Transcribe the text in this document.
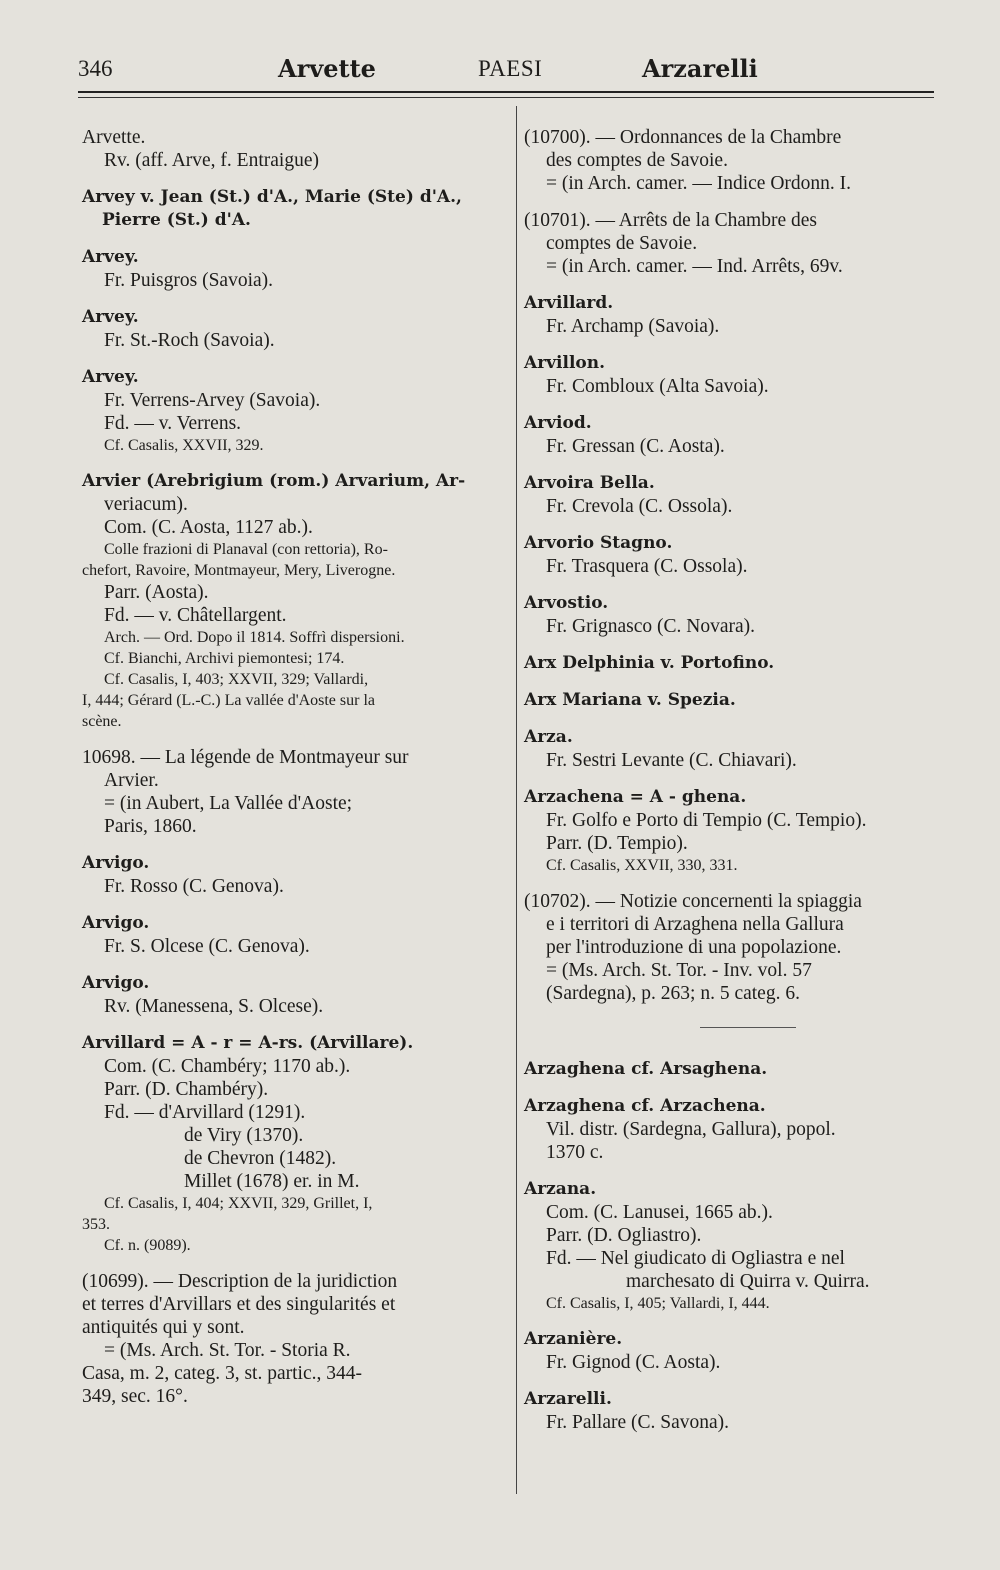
346	Arvette	PAESI	Arzarelli
Arvette.
Rv. (aff. Arve, f. Entraigue)
Arvey v. Jean (St.) d'A., Marie (Ste) d'A.,
Pierre (St.) d'A.
Arvey.
Fr. Puisgros (Savoia).
Arvey.
Fr. St.-Roch (Savoia).
Arvey.
Fr. Verrens-Arvey (Savoia).
Fd. — v. Verrens.
Cf. Casalis, XXVII, 329.
Arvier (Arebrigium (rom.) Arvarium, Ar-
veriacum).
Com. (C. Aosta, 1127 ab.).
Colle frazioni di Planaval (con rettoria), Ro-
chefort, Ravoire, Montmayeur, Mery, Liverogne.
Parr. (Aosta).
Fd. — v. Châtellargent.
Arch. — Ord. Dopo il 1814. Soffrì dispersioni.
Cf. Bianchi, Archivi piemontesi; 174.
Cf. Casalis, I, 403; XXVII, 329; Vallardi,
I, 444; Gérard (L.-C.) La vallée d'Aoste sur la
scène.
10698. — La légende de Montmayeur sur
Arvier.
= (in Aubert, La Vallée d'Aoste;
Paris, 1860.
Arvigo.
Fr. Rosso (C. Genova).
Arvigo.
Fr. S. Olcese (C. Genova).
Arvigo.
Rv. (Manessena, S. Olcese).
Arvillard = A - r = A-rs. (Arvillare).
Com. (C. Chambéry; 1170 ab.).
Parr. (D. Chambéry).
Fd. — d'Arvillard (1291).
de Viry (1370).
de Chevron (1482).
Millet (1678) er. in M.
Cf. Casalis, I, 404; XXVII, 329, Grillet, I,
353.
Cf. n. (9089).
(10699). — Description de la juridiction
et terres d'Arvillars et des singularités et
antiquités qui y sont.
= (Ms. Arch. St. Tor. - Storia R.
Casa, m. 2, categ. 3, st. partic., 344-
349, sec. 16°.
(10700). — Ordonnances de la Chambre
des comptes de Savoie.
= (in Arch. camer. — Indice Ordonn. I.
(10701). — Arrêts de la Chambre des
comptes de Savoie.
= (in Arch. camer. — Ind. Arrêts, 69v.
Arvillard.
Fr. Archamp (Savoia).
Arvillon.
Fr. Combloux (Alta Savoia).
Arviod.
Fr. Gressan (C. Aosta).
Arvoira Bella.
Fr. Crevola (C. Ossola).
Arvorio Stagno.
Fr. Trasquera (C. Ossola).
Arvostio.
Fr. Grignasco (C. Novara).
Arx Delphinia v. Portofino.
Arx Mariana v. Spezia.
Arza.
Fr. Sestri Levante (C. Chiavari).
Arzachena = A - ghena.
Fr. Golfo e Porto di Tempio (C. Tempio).
Parr. (D. Tempio).
Cf. Casalis, XXVII, 330, 331.
(10702). — Notizie concernenti la spiaggia
e i territori di Arzaghena nella Gallura
per l'introduzione di una popolazione.
= (Ms. Arch. St. Tor. - Inv. vol. 57
(Sardegna), p. 263; n. 5 categ. 6.
Arzaghena cf. Arsaghena.
Arzaghena cf. Arzachena.
Vil. distr. (Sardegna, Gallura), popol.
1370 c.
Arzana.
Com. (C. Lanusei, 1665 ab.).
Parr. (D. Ogliastro).
Fd. — Nel giudicato di Ogliastra e nel
marchesato di Quirra v. Quirra.
Cf. Casalis, I, 405; Vallardi, I, 444.
Arzanière.
Fr. Gignod (C. Aosta).
Arzarelli.
Fr. Pallare (C. Savona).
